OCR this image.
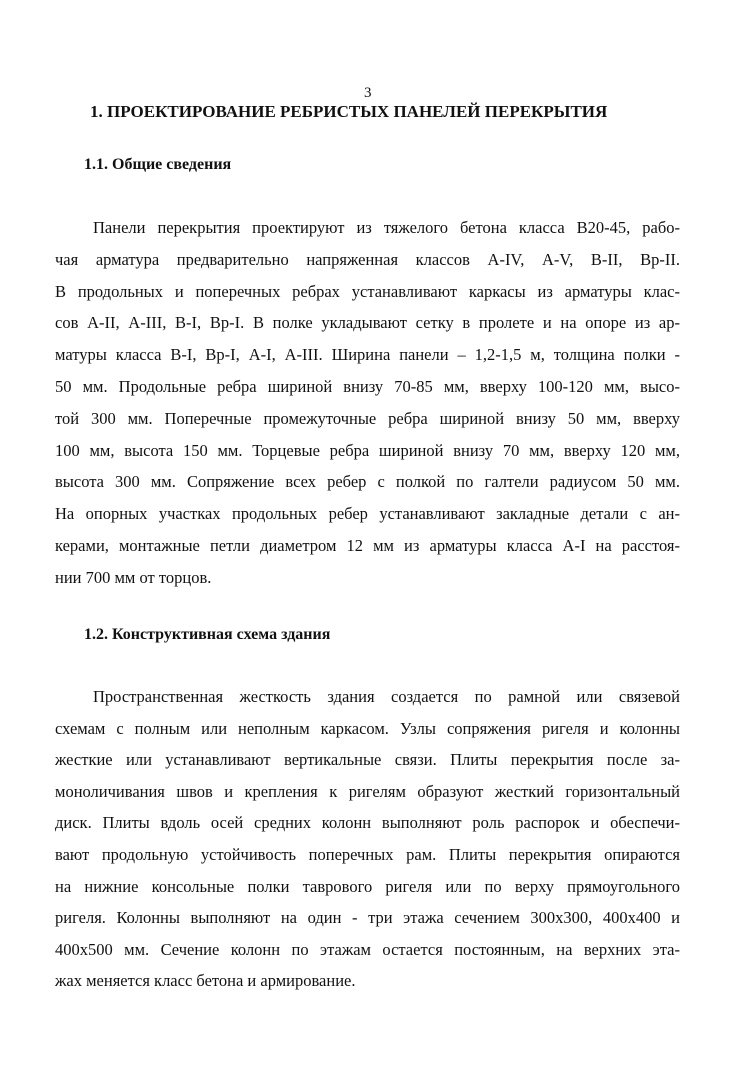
3
1. ПРОЕКТИРОВАНИЕ РЕБРИСТЫХ ПАНЕЛЕЙ ПЕРЕКРЫТИЯ
1.1. Общие сведения
Панели перекрытия проектируют из тяжелого бетона класса В20-45, рабо-
чая арматура предварительно напряженная классов А-IV, А-V, В-II, Вр-II.
В продольных и поперечных ребрах устанавливают каркасы из арматуры клас-
сов А-II, А-III, В-I, Вр-I. В полке укладывают сетку в пролете и на опоре из ар-
матуры класса В-I, Вр-I, А-I, А-III. Ширина панели – 1,2-1,5 м, толщина полки -
50 мм. Продольные ребра шириной внизу 70-85 мм, вверху 100-120 мм, высо-
той 300 мм. Поперечные промежуточные ребра шириной внизу 50 мм, вверху
100 мм, высота 150 мм. Торцевые ребра шириной внизу 70 мм, вверху 120 мм,
высота 300 мм. Сопряжение всех ребер с полкой по галтели радиусом 50 мм.
На опорных участках продольных ребер устанавливают закладные детали с ан-
керами, монтажные петли диаметром 12 мм из арматуры класса А-I на расстоя-
нии 700 мм от торцов.
1.2. Конструктивная схема здания
Пространственная жесткость здания создается по рамной или связевой
схемам с полным или неполным каркасом. Узлы сопряжения ригеля и колонны
жесткие или устанавливают вертикальные связи. Плиты перекрытия после за-
моноличивания швов и крепления к ригелям образуют жесткий горизонтальный
диск. Плиты вдоль осей средних колонн выполняют роль распорок и обеспечи-
вают продольную устойчивость поперечных рам. Плиты перекрытия опираются
на нижние консольные полки таврового ригеля или по верху прямоугольного
ригеля. Колонны выполняют на один - три этажа сечением 300х300, 400х400 и
400х500 мм. Сечение колонн по этажам остается постоянным, на верхних эта-
жах меняется класс бетона и армирование.
